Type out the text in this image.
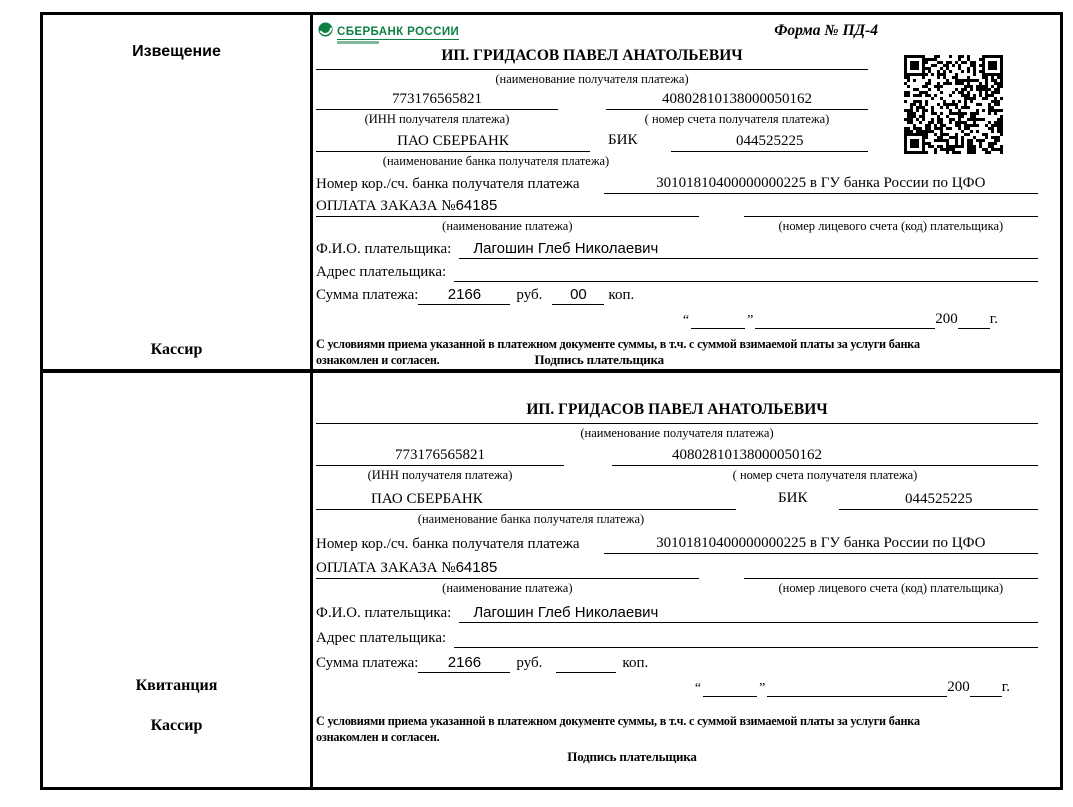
Извещение
Кассир
СБЕРБАНК РОССИИ	Форма № ПД-4
ИП. ГРИДАСОВ ПАВЕЛ АНАТОЛЬЕВИЧ
(наименование получателя платежа)
773176565821	40802810138000050162
(ИНН получателя платежа)	( номер счета получателя платежа)
ПАО СБЕРБАНК	БИК	044525225
(наименование банка получателя платежа)
Номер кор./сч. банка получателя платежа	30101810400000000225 в ГУ банка России по ЦФО
ОПЛАТА ЗАКАЗА №64185
(наименование платежа)	(номер лицевого счета (код) плательщика)
Ф.И.О. плательщика: Лагошин Глеб Николаевич
Адрес плательщика:
Сумма платежа: 2166 руб. 00 коп.
“	”	200 г.
С условиями приема указанной в платежном документе суммы, в т.ч. с суммой взимаемой платы за услуги банка
ознакомлен и согласен.	Подпись плательщика
Квитанция
Кассир
ИП. ГРИДАСОВ ПАВЕЛ АНАТОЛЬЕВИЧ
(наименование получателя платежа)
773176565821	40802810138000050162
(ИНН получателя платежа)	( номер счета получателя платежа)
ПАО СБЕРБАНК	БИК	044525225
(наименование банка получателя платежа)
Номер кор./сч. банка получателя платежа	30101810400000000225 в ГУ банка России по ЦФО
ОПЛАТА ЗАКАЗА №64185
(наименование платежа)	(номер лицевого счета (код) плательщика)
Ф.И.О. плательщика: Лагошин Глеб Николаевич
Адрес плательщика:
Сумма платежа: 2166 руб.	коп.
“	”	200 г.
С условиями приема указанной в платежном документе суммы, в т.ч. с суммой взимаемой платы за услуги банка
ознакомлен и согласен.
Подпись плательщика
